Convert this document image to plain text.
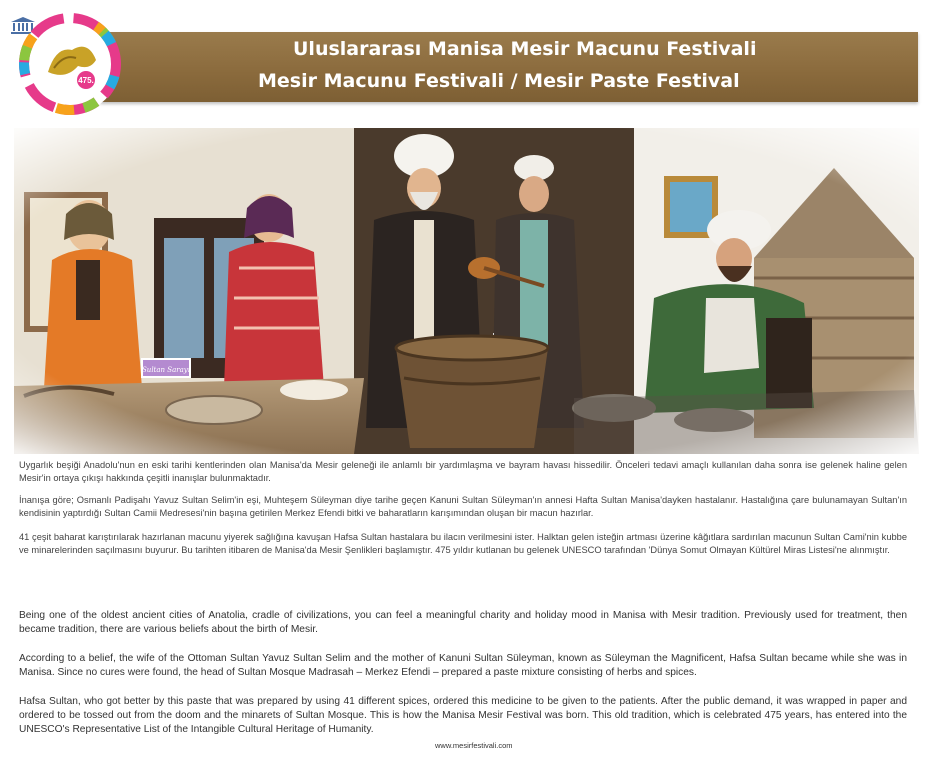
Uluslararası Manisa Mesir Macunu Festivali
Mesir Macunu Festivali / Mesir Paste Festival
475.

Uygarlık beşiği Anadolu'nun en eski tarihi kentlerinden olan Manisa'da Mesir geleneği ile anlamlı bir yardımlaşma ve bayram havası hissedilir. Önceleri tedavi amaçlı kullanılan daha sonra ise gelenek haline gelen Mesir'in ortaya çıkışı hakkında çeşitli inanışlar bulunmaktadır.

İnanışa göre; Osmanlı Padişahı Yavuz Sultan Selim'in eşi, Muhteşem Süleyman diye tarihe geçen Kanuni Sultan Süleyman'ın annesi Hafta Sultan Manisa'dayken hastalanır. Hastalığına çare bulunamayan Sultan'ın kendisinin yaptırdığı Sultan Camii Medresesi'nin başına getirilen Merkez Efendi bitki ve baharatların karışımından oluşan bir macun hazırlar.

41 çeşit baharat karıştırılarak hazırlanan macunu yiyerek sağlığına kavuşan Hafsa Sultan hastalara bu ilacın verilmesini ister. Halktan gelen isteğin artması üzerine kâğıtlara sardırılan macunun Sultan Cami'nin kubbe ve minarelerinden saçılmasını buyurur. Bu tarihten itibaren de Manisa'da Mesir Şenlikleri başlamıştır. 475 yıldır kutlanan bu gelenek UNESCO tarafından 'Dünya Somut Olmayan Kültürel Miras Listesi'ne alınmıştır.

Being one of the oldest ancient cities of Anatolia, cradle of civilizations, you can feel a meaningful charity and holiday mood in Manisa with Mesir tradition. Previously used for treatment, then became tradition, there are various beliefs about the birth of Mesir.

According to a belief, the wife of the Ottoman Sultan Yavuz Sultan Selim and the mother of Kanuni Sultan Süleyman, known as Süleyman the Magnificent, Hafsa Sultan became while she was in Manisa. Since no cures were found, the head of Sultan Mosque Madrasah – Merkez Efendi – prepared a paste mixture consisting of herbs and spices.

Hafsa Sultan, who got better by this paste that was prepared by using 41 different spices, ordered this medicine to be given to the patients. After the public demand, it was wrapped in paper and ordered to be tossed out from the doom and the minarets of Sultan Mosque. This is how the Manisa Mesir Festival was born. This old tradition, which is celebrated 475 years, has entered into the UNESCO's Representative List of the Intangible Cultural Heritage of Humanity.

www.mesirfestivali.com
